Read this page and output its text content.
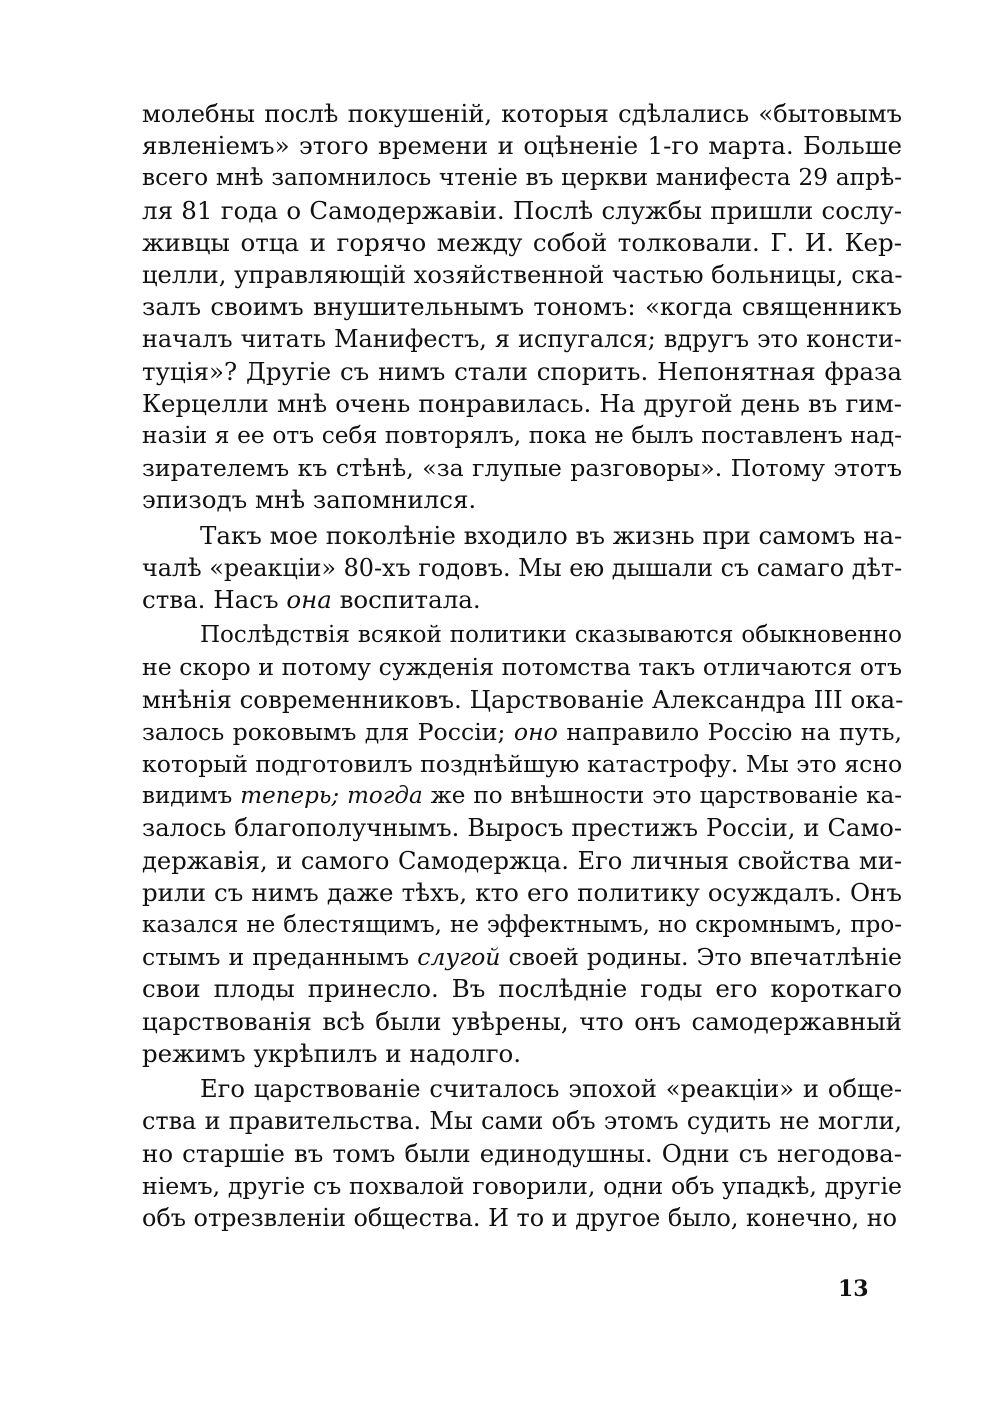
молебны послѣ покушеній, которыя сдѣлались «бытовымъ
явленіемъ» этого времени и оцѣненіе 1-го марта. Больше
всего мнѣ запомнилось чтеніе въ церкви манифеста 29 апрѣ-
ля 81 года о Самодержавіи. Послѣ службы пришли сослу-
живцы отца и горячо между собой толковали. Г. И. Кер-
целли, управляющій хозяйственной частью больницы, ска-
залъ своимъ внушительнымъ тономъ: «когда священникъ
началъ читать Манифестъ, я испугался; вдругъ это консти-
туція»? Другіе съ нимъ стали спорить. Непонятная фраза
Керцелли мнѣ очень понравилась. На другой день въ гим-
назіи я ее отъ себя повторялъ, пока не былъ поставленъ над-
зирателемъ къ стѣнѣ, «за глупые разговоры». Потому этотъ
эпизодъ мнѣ запомнился.

Такъ мое поколѣніе входило въ жизнь при самомъ на-
чалѣ «реакціи» 80-хъ годовъ. Мы ею дышали съ самаго дѣт-
ства. Насъ она воспитала.

Послѣдствія всякой политики сказываются обыкновенно
не скоро и потому сужденія потомства такъ отличаются отъ
мнѣнія современниковъ. Царствованіе Александра III ока-
залось роковымъ для Россіи; оно направило Россію на путь,
который подготовилъ позднѣйшую катастрофу. Мы это ясно
видимъ теперь; тогда же по внѣшности это царствованіе ка-
залось благополучнымъ. Выросъ престижъ Россіи, и Само-
державія, и самого Самодержца. Его личныя свойства ми-
рили съ нимъ даже тѣхъ, кто его политику осуждалъ. Онъ
казался не блестящимъ, не эффектнымъ, но скромнымъ, про-
стымъ и преданнымъ слугой своей родины. Это впечатлѣніе
свои плоды принесло. Въ послѣдніе годы его короткаго
царствованія всѣ были увѣрены, что онъ самодержавный
режимъ укрѣпилъ и надолго.

Его царствованіе считалось эпохой «реакціи» и обще-
ства и правительства. Мы сами объ этомъ судить не могли,
но старшіе въ томъ были единодушны. Одни съ негодова-
ніемъ, другіе съ похвалой говорили, одни объ упадкѣ, другіе
объ отрезвленіи общества. И то и другое было, конечно, но

13
